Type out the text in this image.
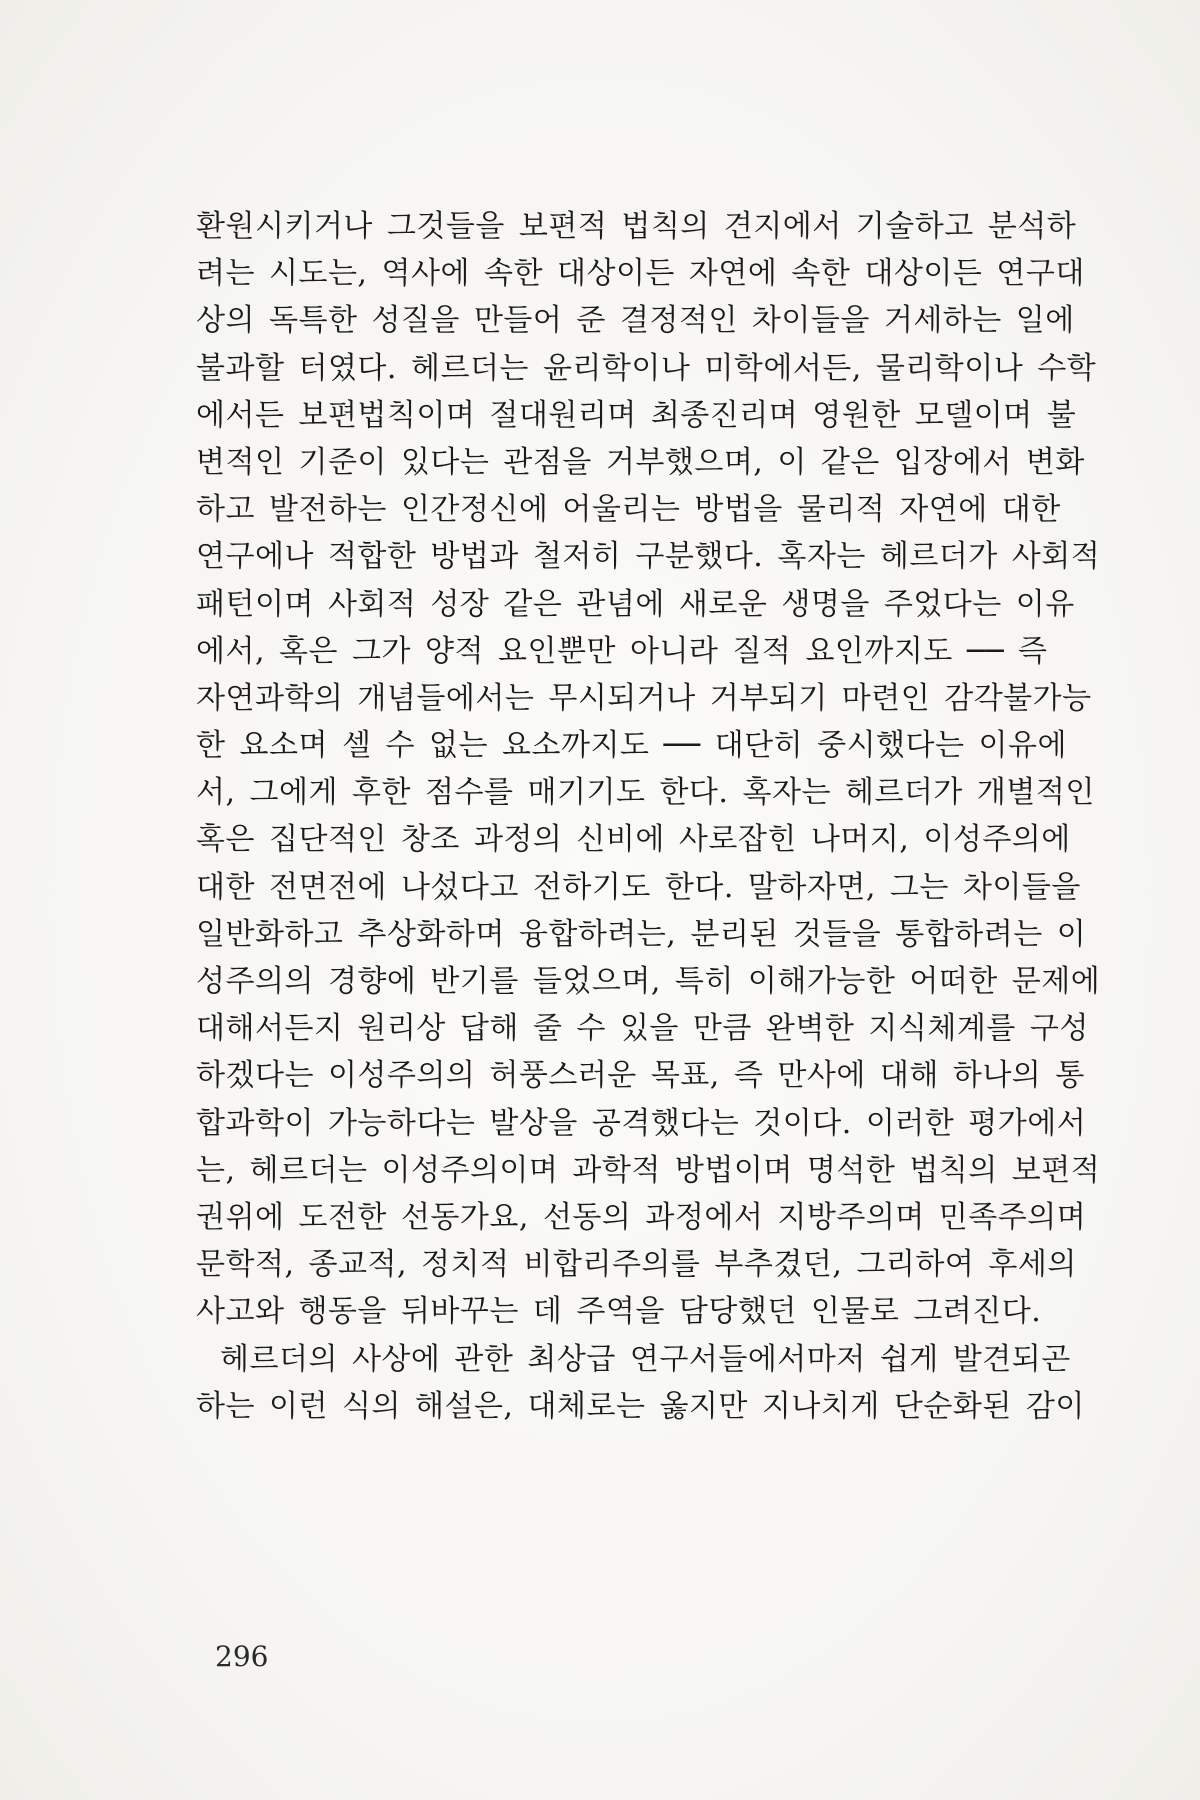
환원시키거나 그것들을 보편적 법칙의 견지에서 기술하고 분석하
려는 시도는, 역사에 속한 대상이든 자연에 속한 대상이든 연구대
상의 독특한 성질을 만들어 준 결정적인 차이들을 거세하는 일에
불과할 터였다. 헤르더는 윤리학이나 미학에서든, 물리학이나 수학
에서든 보편법칙이며 절대원리며 최종진리며 영원한 모델이며 불
변적인 기준이 있다는 관점을 거부했으며, 이 같은 입장에서 변화
하고 발전하는 인간정신에 어울리는 방법을 물리적 자연에 대한
연구에나 적합한 방법과 철저히 구분했다. 혹자는 헤르더가 사회적
패턴이며 사회적 성장 같은 관념에 새로운 생명을 주었다는 이유
에서, 혹은 그가 양적 요인뿐만 아니라 질적 요인까지도 ── 즉
자연과학의 개념들에서는 무시되거나 거부되기 마련인 감각불가능
한 요소며 셀 수 없는 요소까지도 ── 대단히 중시했다는 이유에
서, 그에게 후한 점수를 매기기도 한다. 혹자는 헤르더가 개별적인
혹은 집단적인 창조 과정의 신비에 사로잡힌 나머지, 이성주의에
대한 전면전에 나섰다고 전하기도 한다. 말하자면, 그는 차이들을
일반화하고 추상화하며 융합하려는, 분리된 것들을 통합하려는 이
성주의의 경향에 반기를 들었으며, 특히 이해가능한 어떠한 문제에
대해서든지 원리상 답해 줄 수 있을 만큼 완벽한 지식체계를 구성
하겠다는 이성주의의 허풍스러운 목표, 즉 만사에 대해 하나의 통
합과학이 가능하다는 발상을 공격했다는 것이다. 이러한 평가에서
는, 헤르더는 이성주의이며 과학적 방법이며 명석한 법칙의 보편적
권위에 도전한 선동가요, 선동의 과정에서 지방주의며 민족주의며
문학적, 종교적, 정치적 비합리주의를 부추겼던, 그리하여 후세의
사고와 행동을 뒤바꾸는 데 주역을 담당했던 인물로 그려진다.
헤르더의 사상에 관한 최상급 연구서들에서마저 쉽게 발견되곤
하는 이런 식의 해설은, 대체로는 옳지만 지나치게 단순화된 감이
296
